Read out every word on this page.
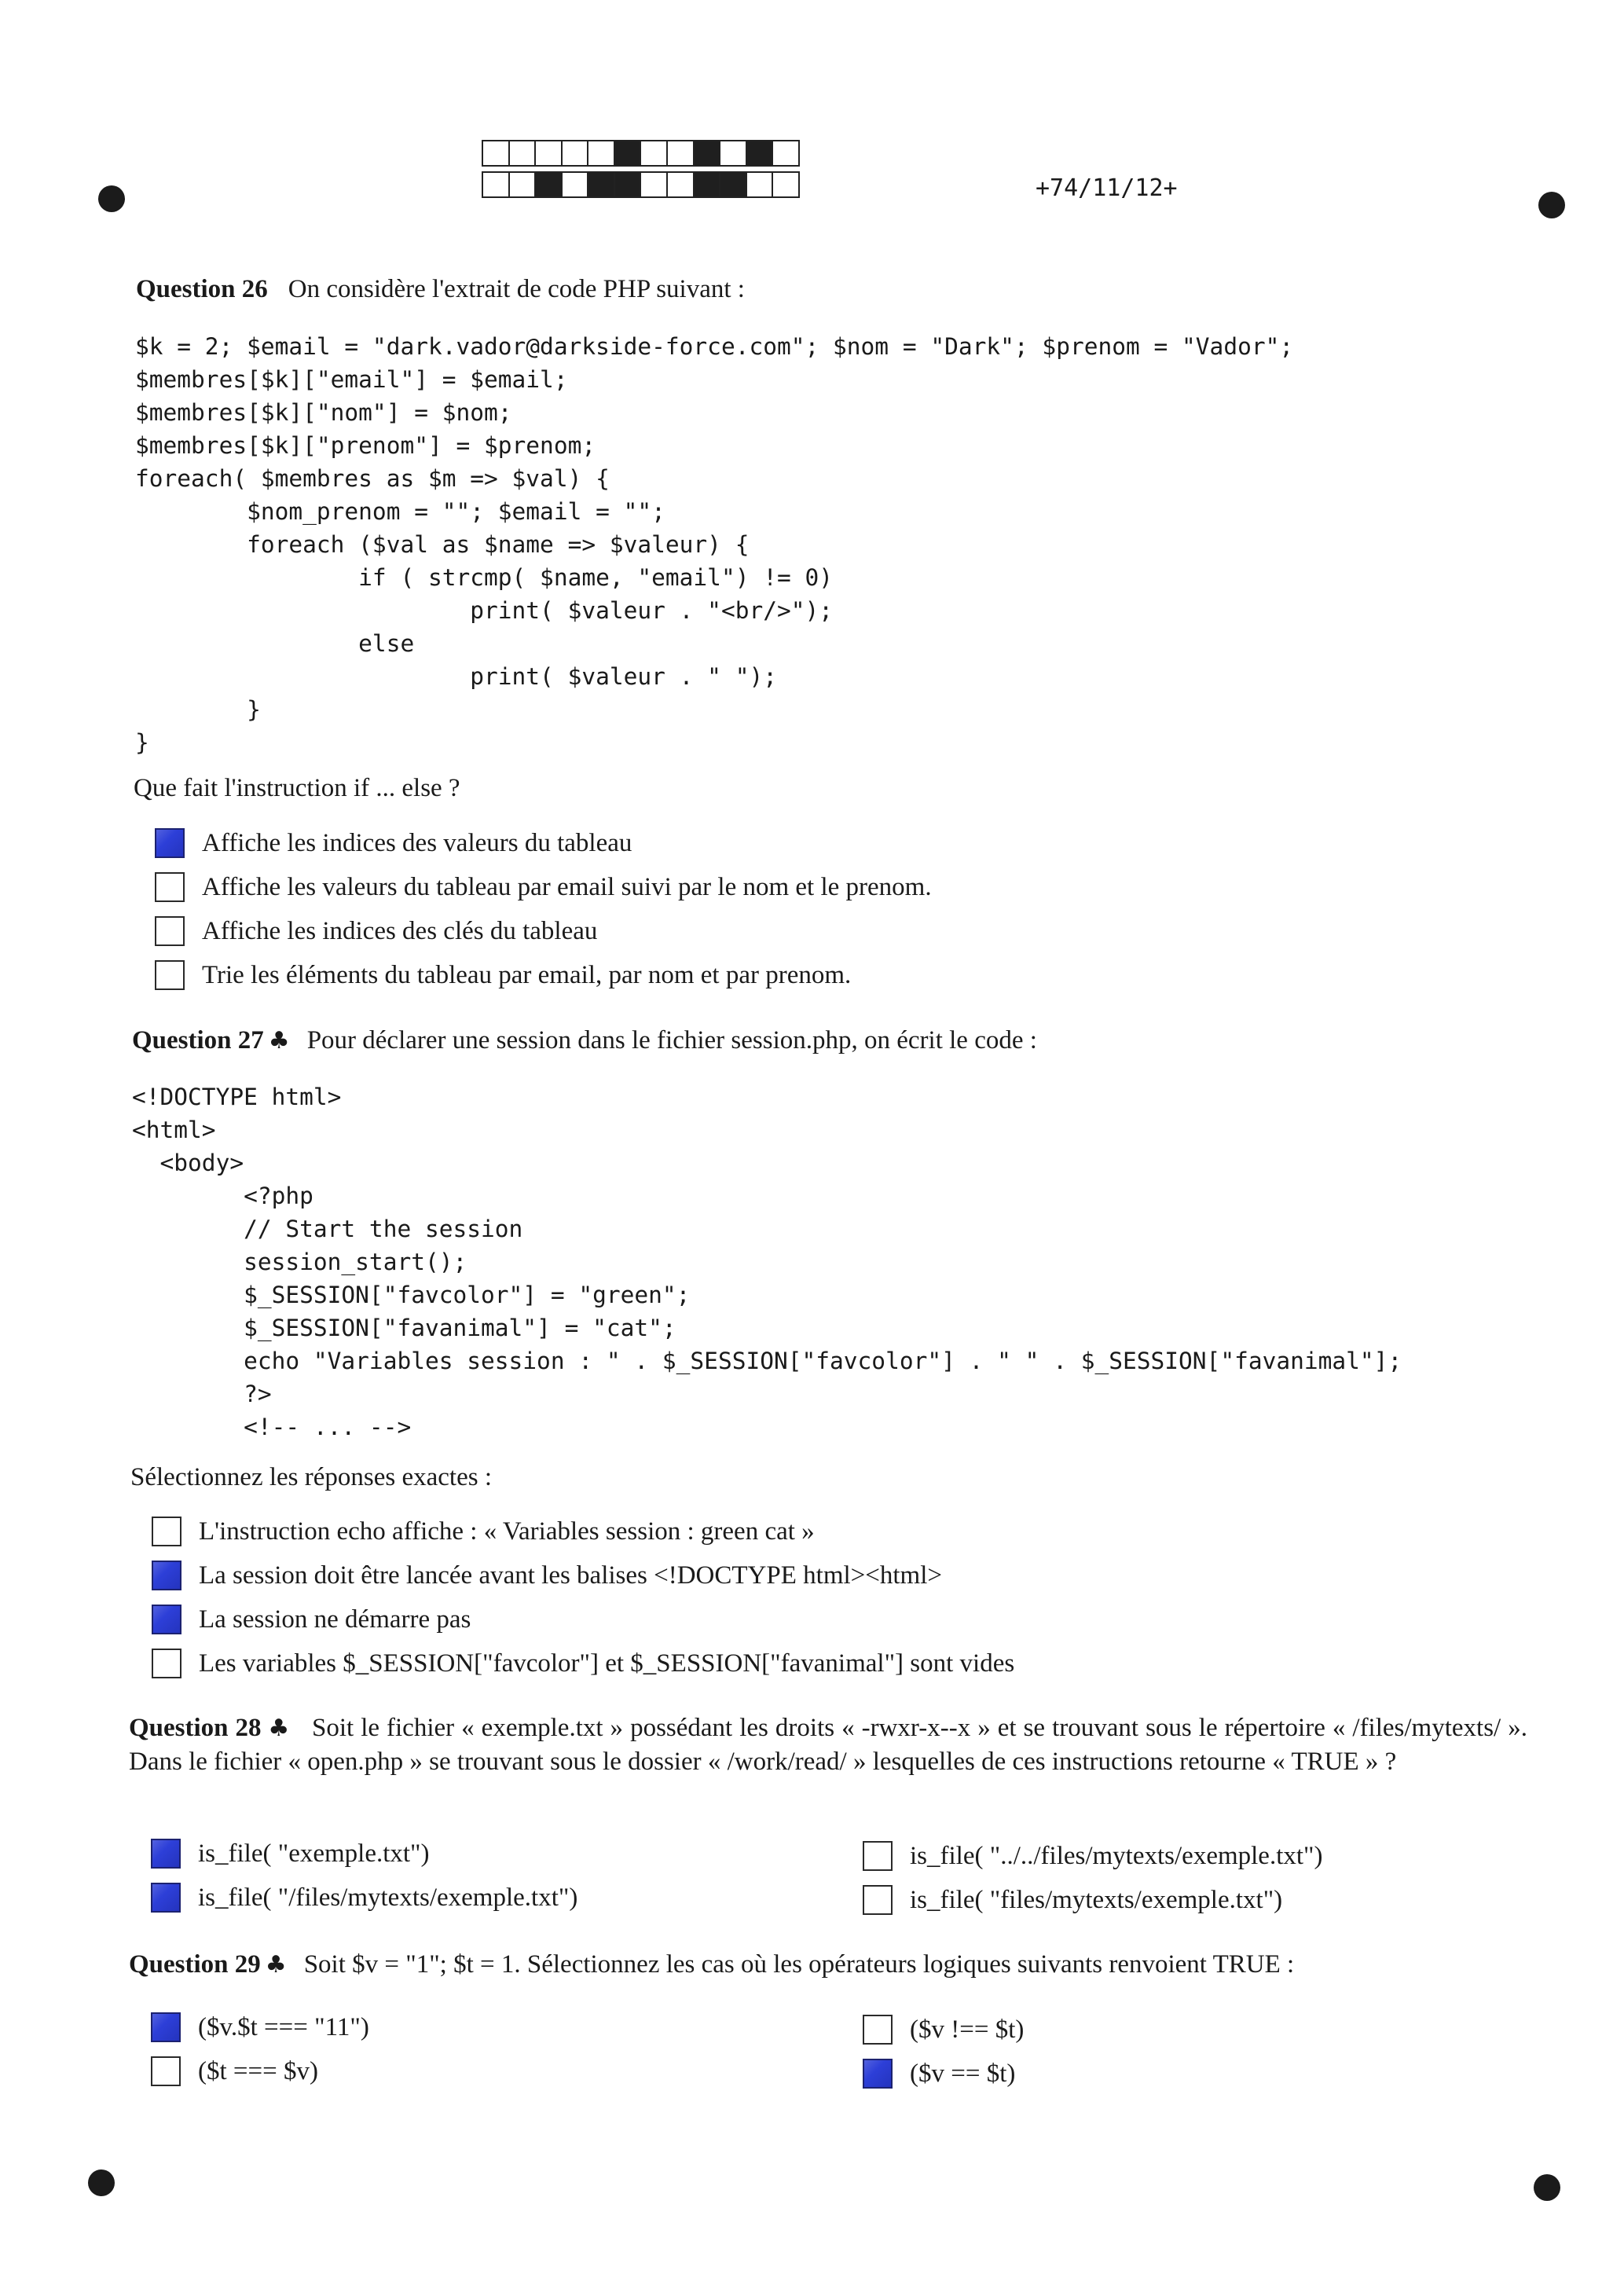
+74/11/12+
Question 26 On considère l'extrait de code PHP suivant :
$k = 2; $email = "dark.vador@darkside-force.com"; $nom = "Dark"; $prenom = "Vador";
$membres[$k]["email"] = $email;
$membres[$k]["nom"] = $nom;
$membres[$k]["prenom"] = $prenom;
foreach( $membres as $m => $val) {
$nom_prenom = ""; $email = "";
foreach ($val as $name => $valeur) {
if ( strcmp( $name, "email") != 0)
print( $valeur . "<br/>");
else
print( $valeur . " ");
}
}
Que fait l'instruction if ... else ?
Affiche les indices des valeurs du tableau
Affiche les valeurs du tableau par email suivi par le nom et le prenom.
Affiche les indices des clés du tableau
Trie les éléments du tableau par email, par nom et par prenom.
Question 27 ♣ Pour déclarer une session dans le fichier session.php, on écrit le code :
<!DOCTYPE html>
<html>
<body>
<?php
// Start the session
session_start();
$_SESSION["favcolor"] = "green";
$_SESSION["favanimal"] = "cat";
echo "Variables session : " . $_SESSION["favcolor"] . " " . $_SESSION["favanimal"];
?>
<!-- ... -->
Sélectionnez les réponses exactes :
L'instruction echo affiche : « Variables session : green cat »
La session doit être lancée avant les balises <!DOCTYPE html><html>
La session ne démarre pas
Les variables $_SESSION["favcolor"] et $_SESSION["favanimal"] sont vides
Question 28 ♣ Soit le fichier « exemple.txt » possédant les droits « -rwxr-x--x » et se trouvant sous le répertoire « /files/mytexts/ ». Dans le fichier « open.php » se trouvant sous le dossier « /work/read/ » lesquelles de ces instructions retourne « TRUE » ?
is_file( "exemple.txt")
is_file( "/files/mytexts/exemple.txt")
is_file( "../../files/mytexts/exemple.txt")
is_file( "files/mytexts/exemple.txt")
Question 29 ♣ Soit $v = "1"; $t = 1. Sélectionnez les cas où les opérateurs logiques suivants renvoient TRUE :
($v.$t === "11")
($t === $v)
($v !== $t)
($v == $t)
